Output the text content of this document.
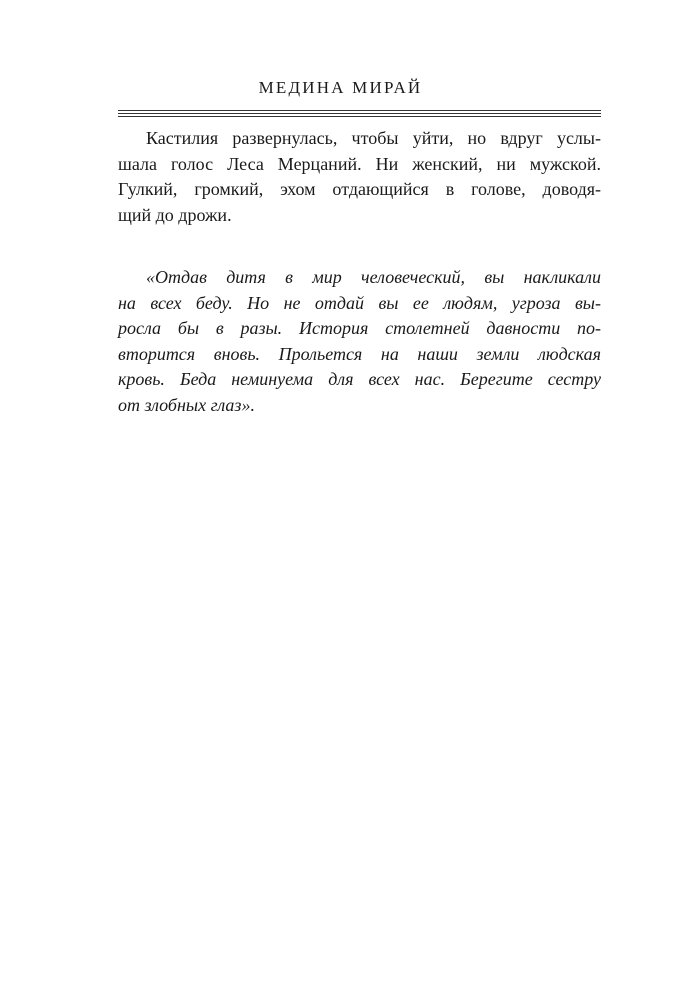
МЕДИНА МИРАЙ
Кастилия развернулась, чтобы уйти, но вдруг услы-
шала голос Леса Мерцаний. Ни женский, ни мужской.
Гулкий, громкий, эхом отдающийся в голове, доводя-
щий до дрожи.
«Отдав дитя в мир человеческий, вы накликали
на всех беду. Но не отдай вы ее людям, угроза вы-
росла бы в разы. История столетней давности по-
вторится вновь. Прольется на наши земли людская
кровь. Беда неминуема для всех нас. Берегите сестру
от злобных глаз».
